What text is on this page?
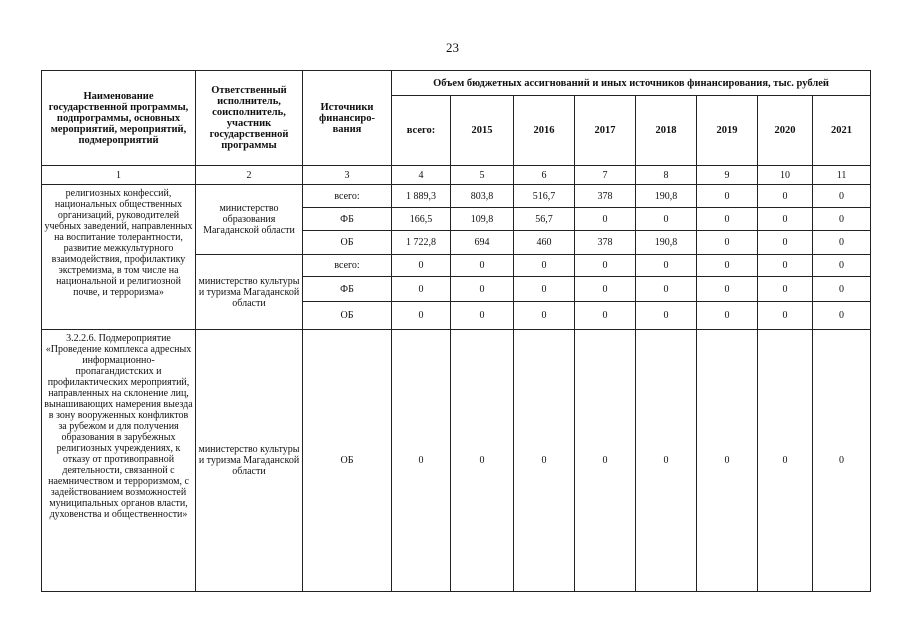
23
Наименование государственной программы, подпрограммы, основных мероприятий, мероприятий, подмероприятий	Ответственный исполнитель, соисполнитель, участник государственной программы	Источники финансиро-вания	Объем бюджетных ассигнований и иных источников финансирования, тыс. рублей							
			всего:	2015	2016	2017	2018	2019	2020	2021
1	2	3	4	5	6	7	8	9	10	11
религиозных конфессий, национальных общественных организаций, руководителей учебных заведений, направленных на воспитание толерантности, развитие межкультурного взаимодействия, профилактику экстремизма, в том числе на национальной и религиозной почве, и терроризма»	министерство образования Магаданской области	всего:	1 889,3	803,8	516,7	378	190,8	0	0	0
		ФБ	166,5	109,8	56,7	0	0	0	0	0
		ОБ	1 722,8	694	460	378	190,8	0	0	0
	министерство культуры и туризма Магаданской области	всего:	0	0	0	0	0	0	0	0
		ФБ	0	0	0	0	0	0	0	0
		ОБ	0	0	0	0	0	0	0	0
3.2.2.6. Подмероприятие «Проведение комплекса адресных информационно-пропагандистских и профилактических мероприятий, направленных на склонение лиц, вынашивающих намерения выезда в зону вооруженных конфликтов за рубежом и для получения образования в зарубежных религиозных учреждениях, к отказу от противоправной деятельности, связанной с наемничеством и терроризмом, с задействованием возможностей муниципальных органов власти, духовенства и общественности»	министерство культуры и туризма Магаданской области	ОБ	0	0	0	0	0	0	0	0
